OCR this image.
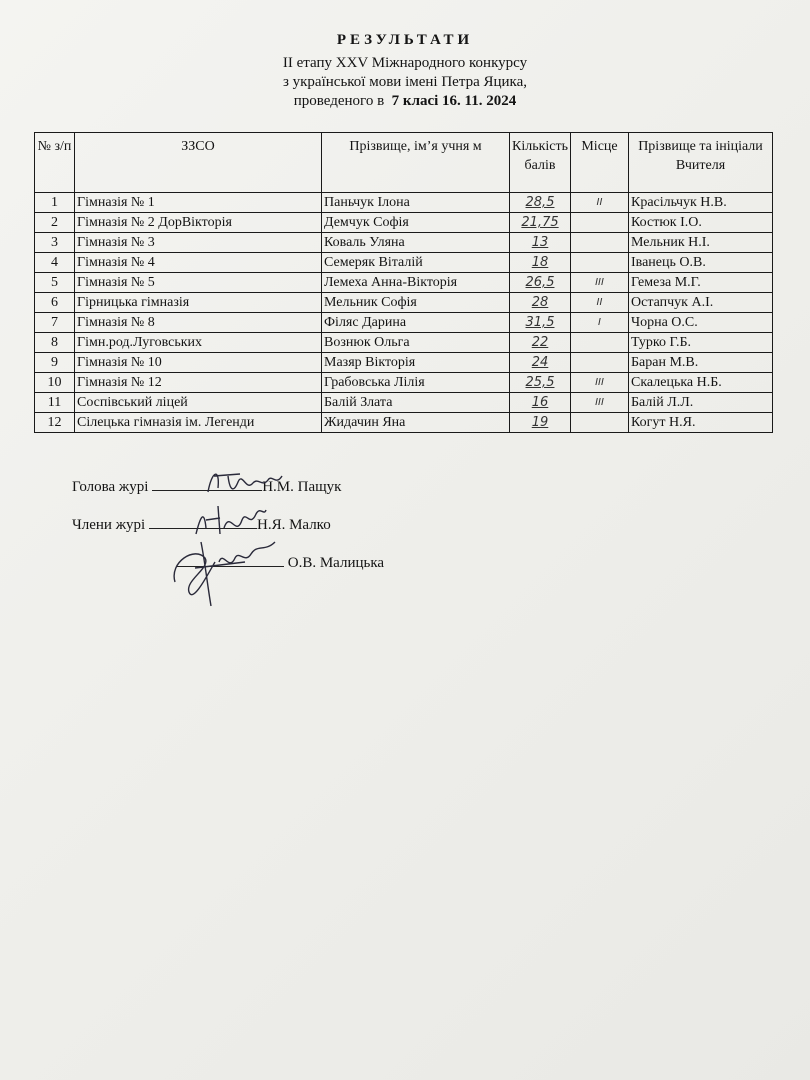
РЕЗУЛЬТАТИ
II етапу XXV Міжнародного конкурсу
з української мови імені Петра Яцика,
проведеного в 7 класі 16. 11. 2024
№ з/п	ЗЗСО	Прізвище, ім’я учня м	Кількість балів	Місце	Прізвище та ініціали Вчителя
1	Гімназія № 1	Паньчук Ілона	28,5	ІІ	Красільчук Н.В.
2	Гімназія № 2 ДорВікторія	Демчук Софія	21,75		Костюк І.О.
3	Гімназія № 3	Коваль Уляна	13		Мельник Н.І.
4	Гімназія № 4	Семеряк Віталій	18		Іванець О.В.
5	Гімназія № 5	Лемеха Анна-Вікторія	26,5	ІІІ	Гемеза М.Г.
6	Гірницька гімназія	Мельник Софія	28	ІІ	Остапчук А.І.
7	Гімназія № 8	Філяс Дарина	31,5	І	Чорна О.С.
8	Гімн.род.Луговських	Вознюк Ольга	22		Турко Г.Б.
9	Гімназія № 10	Мазяр Вікторія	24		Баран М.В.
10	Гімназія № 12	Грабовська Лілія	25,5	ІІІ	Скалецька Н.Б.
11	Соспівський ліцей	Балій Злата	16	ІІІ	Балій Л.Л.
12	Сілецька гімназія ім. Легенди	Жидачин Яна	19		Когут Н.Я.
Голова журі	Н.М. Пащук
Члени журі	Н.Я. Малко
О.В. Малицька
